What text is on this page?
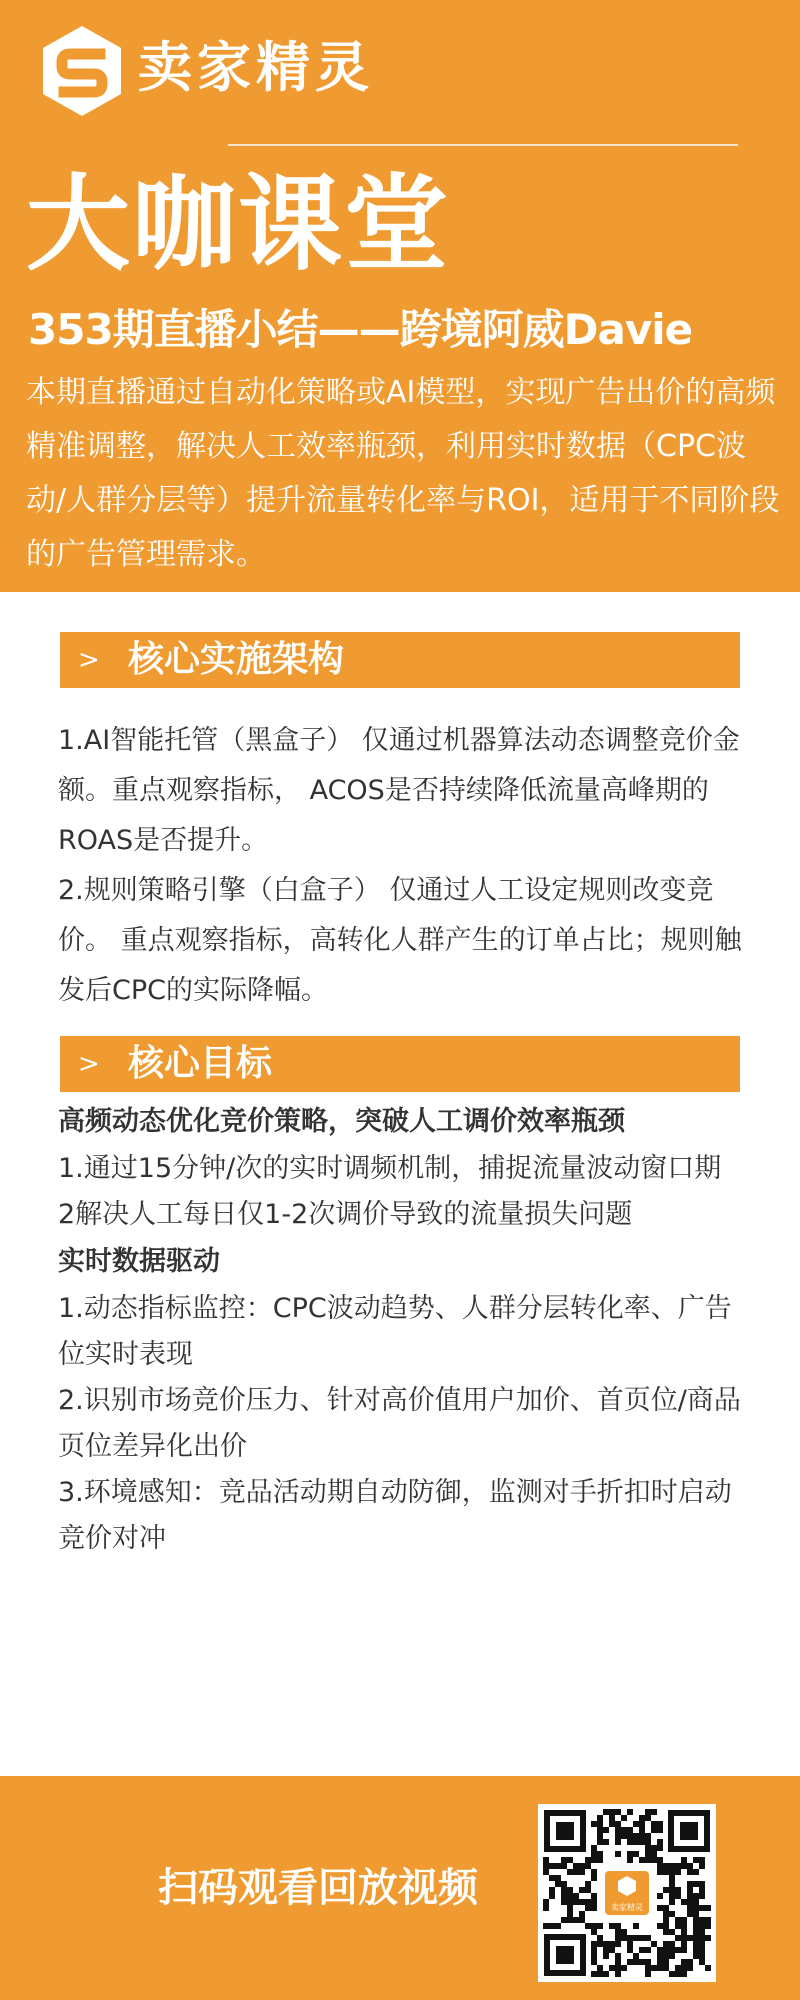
卖家精灵
大咖课堂
353期直播小结——跨境阿威Davie

本期直播通过自动化策略或AI模型，实现广告出价的高频精准调整，解决人工效率瓶颈，利用实时数据（CPC波动/人群分层等）提升流量转化率与ROI，适用于不同阶段的广告管理需求。

> 核心实施架构

1.AI智能托管（黑盒子） 仅通过机器算法动态调整竞价金额。重点观察指标， ACOS是否持续降低流量高峰期的ROAS是否提升。

2.规则策略引擎（白盒子） 仅通过人工设定规则改变竞价。 重点观察指标，高转化人群产生的订单占比；规则触发后CPC的实际降幅。

> 核心目标
高频动态优化竞价策略，突破人工调价效率瓶颈

1.通过15分钟/次的实时调频机制，捕捉流量波动窗口期

2解决人工每日仅1-2次调价导致的流量损失问题

实时数据驱动

1.动态指标监控：CPC波动趋势、人群分层转化率、广告位实时表现

2.识别市场竞价压力、针对高价值用户加价、首页位/商品页位差异化出价

3.环境感知：竞品活动期自动防御，监测对手折扣时启动竞价对冲

扫码观看回放视频	卖家精灵
